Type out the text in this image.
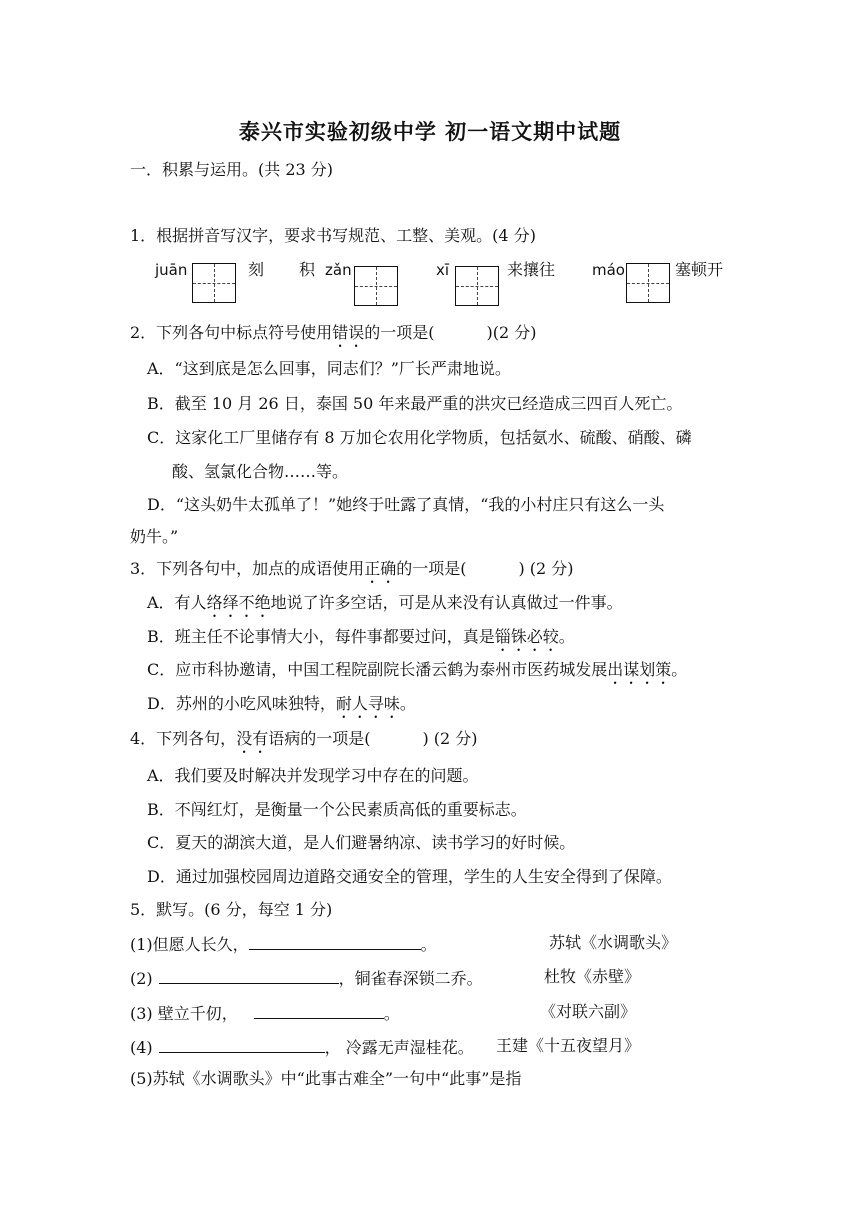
泰兴市实验初级中学 初一语文期中试题
一．积累与运用。(共 23 分)
1．根据拼音写汉字，要求书写规范、工整、美观。(4 分)
juān	刻 积 zǎn	xī	来攘往 máo	塞顿开
2．下列各句中标点符号使用错误的一项是(	)(2 分)
A．“这到底是怎么回事，同志们？”厂长严肃地说。
B．截至 10 月 26 日，泰国 50 年来最严重的洪灾已经造成三四百人死亡。
C．这家化工厂里储存有 8 万加仑农用化学物质，包括氨水、硫酸、硝酸、磷
酸、氢氯化合物……等。
D．“这头奶牛太孤单了！”她终于吐露了真情，“我的小村庄只有这么一头
奶牛。”
3．下列各句中，加点的成语使用正确的一项是(	) (2 分)
A．有人络绎不绝地说了许多空话，可是从来没有认真做过一件事。
B．班主任不论事情大小，每件事都要过问，真是锱铢必较。
C．应市科协邀请，中国工程院副院长潘云鹤为泰州市医药城发展出谋划策。
D．苏州的小吃风味独特，耐人寻味。
4．下列各句，没有语病的一项是(	) (2 分)
A．我们要及时解决并发现学习中存在的问题。
B．不闯红灯，是衡量一个公民素质高低的重要标志。
C．夏天的湖滨大道，是人们避暑纳凉、读书学习的好时候。
D．通过加强校园周边道路交通安全的管理，学生的人生安全得到了保障。
5．默写。(6 分，每空 1 分)
(1)但愿人长久，	。	苏轼《水调歌头》
(2)	，铜雀春深锁二乔。	杜牧《赤壁》
(3) 壁立千仞，	。	《对联六副》
(4)	， 冷露无声湿桂花。 王建《十五夜望月》
(5)苏轼《水调歌头》中“此事古难全”一句中“此事”是指
